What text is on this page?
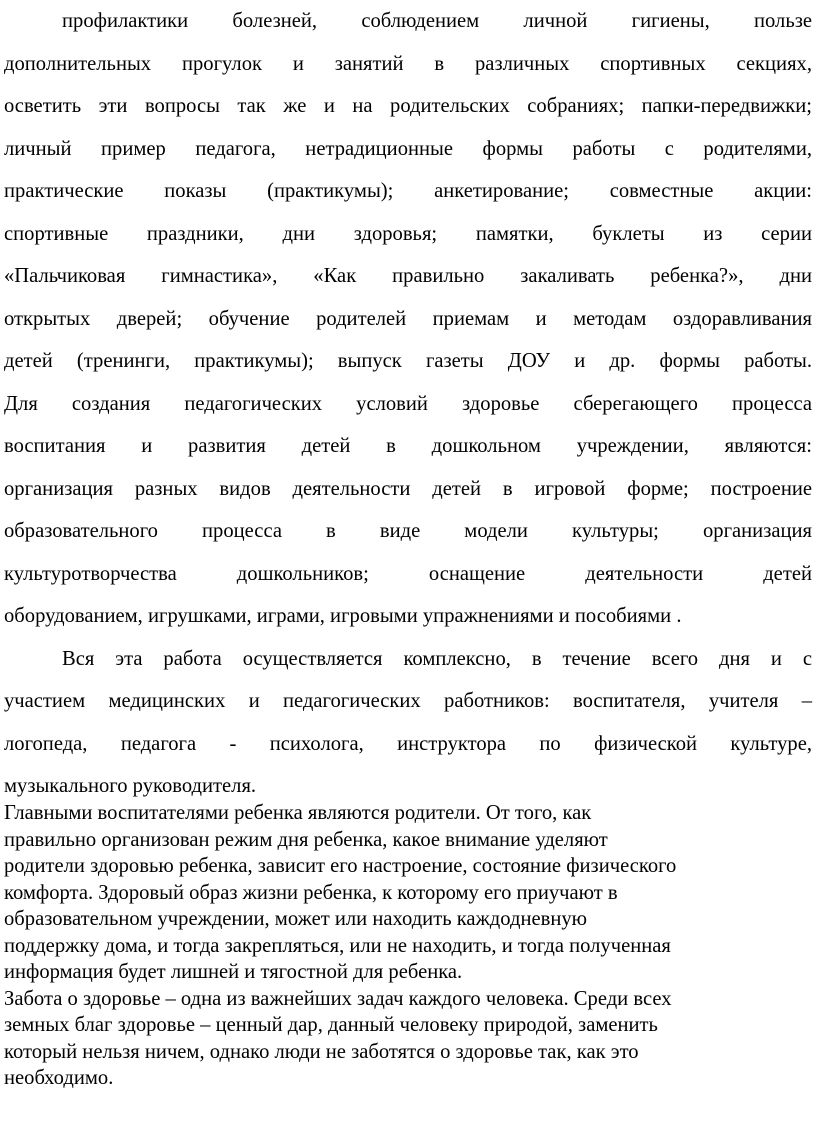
профилактики болезней, соблюдением личной гигиены, пользе
дополнительных прогулок и занятий в различных спортивных секциях,
осветить эти вопросы так же и на родительских собраниях; папки-передвижки;
личный пример педагога, нетрадиционные формы работы с родителями,
практические показы (практикумы); анкетирование; совместные акции:
спортивные праздники, дни здоровья; памятки, буклеты из серии
«Пальчиковая гимнастика», «Как правильно закаливать ребенка?», дни
открытых дверей; обучение родителей приемам и методам оздоравливания
детей (тренинги, практикумы); выпуск газеты ДОУ и др. формы работы.
Для создания педагогических условий здоровье сберегающего процесса
воспитания и развития детей в дошкольном учреждении, являются:
организация разных видов деятельности детей в игровой форме; построение
образовательного процесса в виде модели культуры; организация
культуротворчества дошкольников; оснащение деятельности детей
оборудованием, игрушками, играми, игровыми упражнениями и пособиями .

Вся эта работа осуществляется комплексно, в течение всего дня и с
участием медицинских и педагогических работников: воспитателя, учителя –
логопеда, педагога - психолога, инструктора по физической культуре,
музыкального руководителя.

Главными воспитателями ребенка являются родители. От того, как
правильно организован режим дня ребенка, какое внимание уделяют
родители здоровью ребенка, зависит его настроение, состояние физического
комфорта. Здоровый образ жизни ребенка, к которому его приучают в
образовательном учреждении, может или находить каждодневную
поддержку дома, и тогда закрепляться, или не находить, и тогда полученная
информация будет лишней и тягостной для ребенка.

Забота о здоровье – одна из важнейших задач каждого человека. Среди всех
земных благ здоровье – ценный дар, данный человеку природой, заменить
который нельзя ничем, однако люди не заботятся о здоровье так, как это
необходимо.
